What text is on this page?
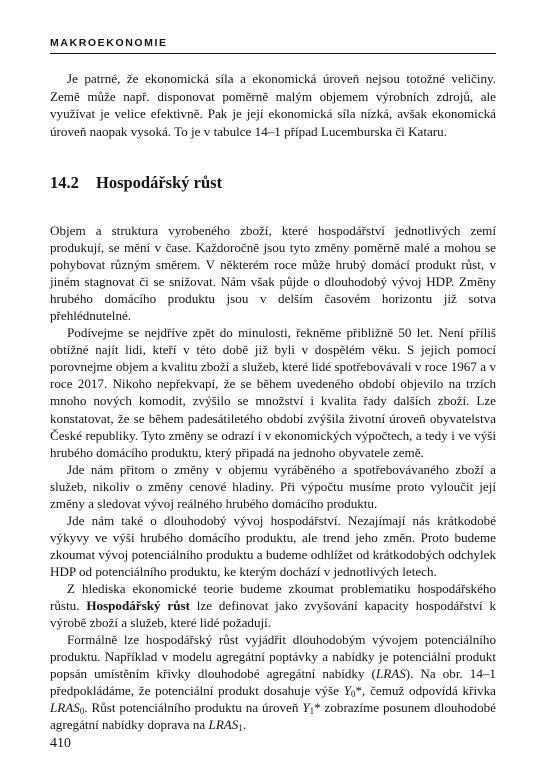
MAKROEKONOMIE

Je patrné, že ekonomická síla a ekonomická úroveň nejsou totožné veličiny. Země může např. disponovat poměrně malým objemem výrobních zdrojů, ale využívat je velice efektivně. Pak je její ekonomická síla nízká, avšak ekonomická úroveň naopak vysoká. To je v tabulce 14–1 případ Lucemburska či Kataru.

14.2 Hospodářský růst

Objem a struktura vyrobeného zboží, které hospodářství jednotlivých zemí produkují, se mění v čase. Každoročně jsou tyto změny poměrně malé a mohou se pohybovat různým směrem. V některém roce může hrubý domácí produkt růst, v jiném stagnovat či se snižovat. Nám však půjde o dlouhodobý vývoj HDP. Změny hrubého domácího produktu jsou v delším časovém horizontu již sotva přehlédnutelné.

Podívejme se nejdříve zpět do minulosti, řekněme přibližně 50 let. Není příliš obtížné najít lidi, kteří v této době již byli v dospělém věku. S jejich pomocí porovnejme objem a kvalitu zboží a služeb, které lidé spotřebovávali v roce 1967 a v roce 2017. Nikoho nepřekvapí, že se během uvedeného období objevilo na trzích mnoho nových komodit, zvýšilo se množství i kvalita řady dalších zboží. Lze konstatovat, že se během padesátiletého období zvýšila životní úroveň obyvatelstva České republiky. Tyto změny se odrazí i v ekonomických výpočtech, a tedy i ve výši hrubého domácího produktu, který připadá na jednoho obyvatele země.

Jde nám přitom o změny v objemu vyráběného a spotřebovávaného zboží a služeb, nikoliv o změny cenové hladiny. Při výpočtu musíme proto vyloučit její změny a sledovat vývoj reálného hrubého domácího produktu.

Jde nám také o dlouhodobý vývoj hospodářství. Nezajímají nás krátkodobé výkyvy ve výši hrubého domácího produktu, ale trend jeho změn. Proto budeme zkoumat vývoj potenciálního produktu a budeme odhlížet od krátkodobých odchylek HDP od potenciálního produktu, ke kterým dochází v jednotlivých letech.

Z hlediska ekonomické teorie budeme zkoumat problematiku hospodářského růstu. Hospodářský růst lze definovat jako zvyšování kapacity hospodářství k výrobě zboží a služeb, které lidé požadují.

Formálně lze hospodářský růst vyjádřit dlouhodobým vývojem potenciálního produktu. Například v modelu agregátní poptávky a nabídky je potenciální produkt popsán umístěním křivky dlouhodobé agregátní nabídky (LRAS). Na obr. 14–1 předpokládáme, že potenciální produkt dosahuje výše $Y_0*$, čemuž odpovídá křivka $LRAS_0$. Růst potenciálního produktu na úroveň $Y_1*$ zobrazíme posunem dlouhodobé agregátní nabídky doprava na $LRAS_1$.

410
